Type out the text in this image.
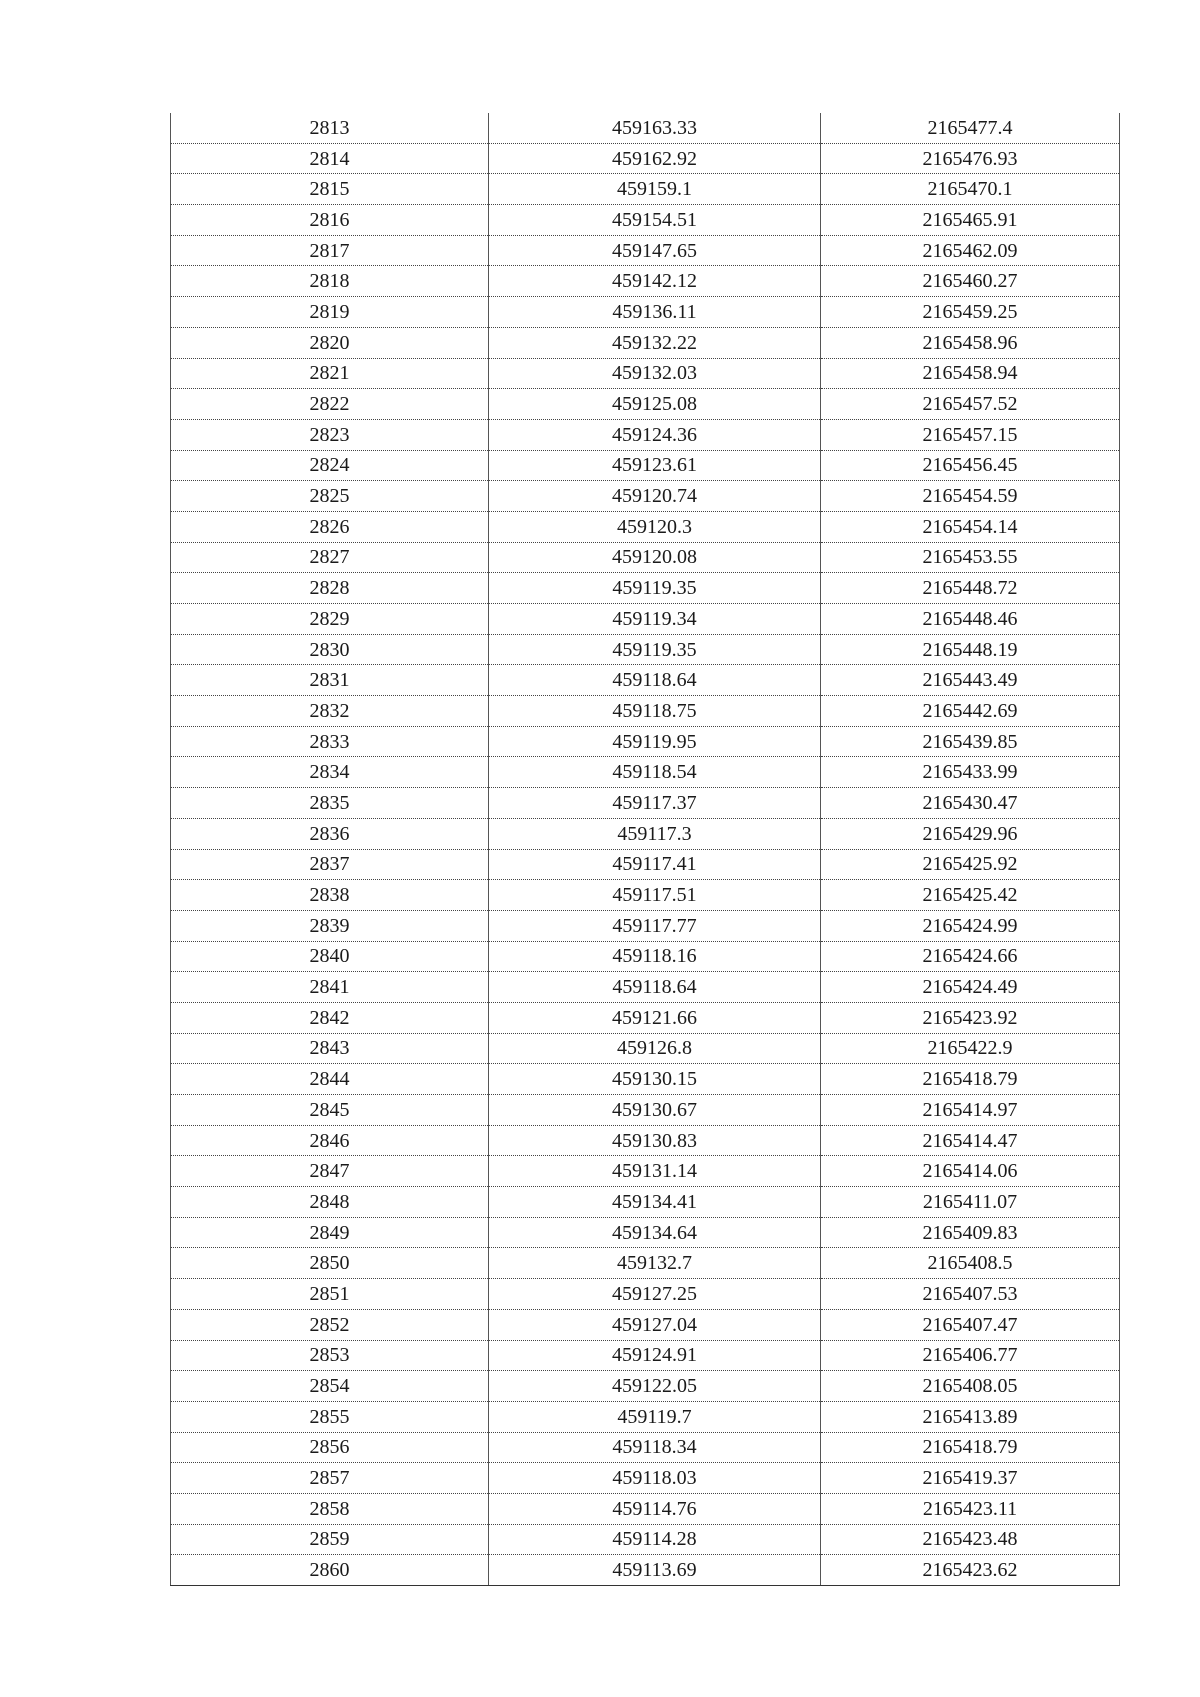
2813	459163.33	2165477.4
2814	459162.92	2165476.93
2815	459159.1	2165470.1
2816	459154.51	2165465.91
2817	459147.65	2165462.09
2818	459142.12	2165460.27
2819	459136.11	2165459.25
2820	459132.22	2165458.96
2821	459132.03	2165458.94
2822	459125.08	2165457.52
2823	459124.36	2165457.15
2824	459123.61	2165456.45
2825	459120.74	2165454.59
2826	459120.3	2165454.14
2827	459120.08	2165453.55
2828	459119.35	2165448.72
2829	459119.34	2165448.46
2830	459119.35	2165448.19
2831	459118.64	2165443.49
2832	459118.75	2165442.69
2833	459119.95	2165439.85
2834	459118.54	2165433.99
2835	459117.37	2165430.47
2836	459117.3	2165429.96
2837	459117.41	2165425.92
2838	459117.51	2165425.42
2839	459117.77	2165424.99
2840	459118.16	2165424.66
2841	459118.64	2165424.49
2842	459121.66	2165423.92
2843	459126.8	2165422.9
2844	459130.15	2165418.79
2845	459130.67	2165414.97
2846	459130.83	2165414.47
2847	459131.14	2165414.06
2848	459134.41	2165411.07
2849	459134.64	2165409.83
2850	459132.7	2165408.5
2851	459127.25	2165407.53
2852	459127.04	2165407.47
2853	459124.91	2165406.77
2854	459122.05	2165408.05
2855	459119.7	2165413.89
2856	459118.34	2165418.79
2857	459118.03	2165419.37
2858	459114.76	2165423.11
2859	459114.28	2165423.48
2860	459113.69	2165423.62
